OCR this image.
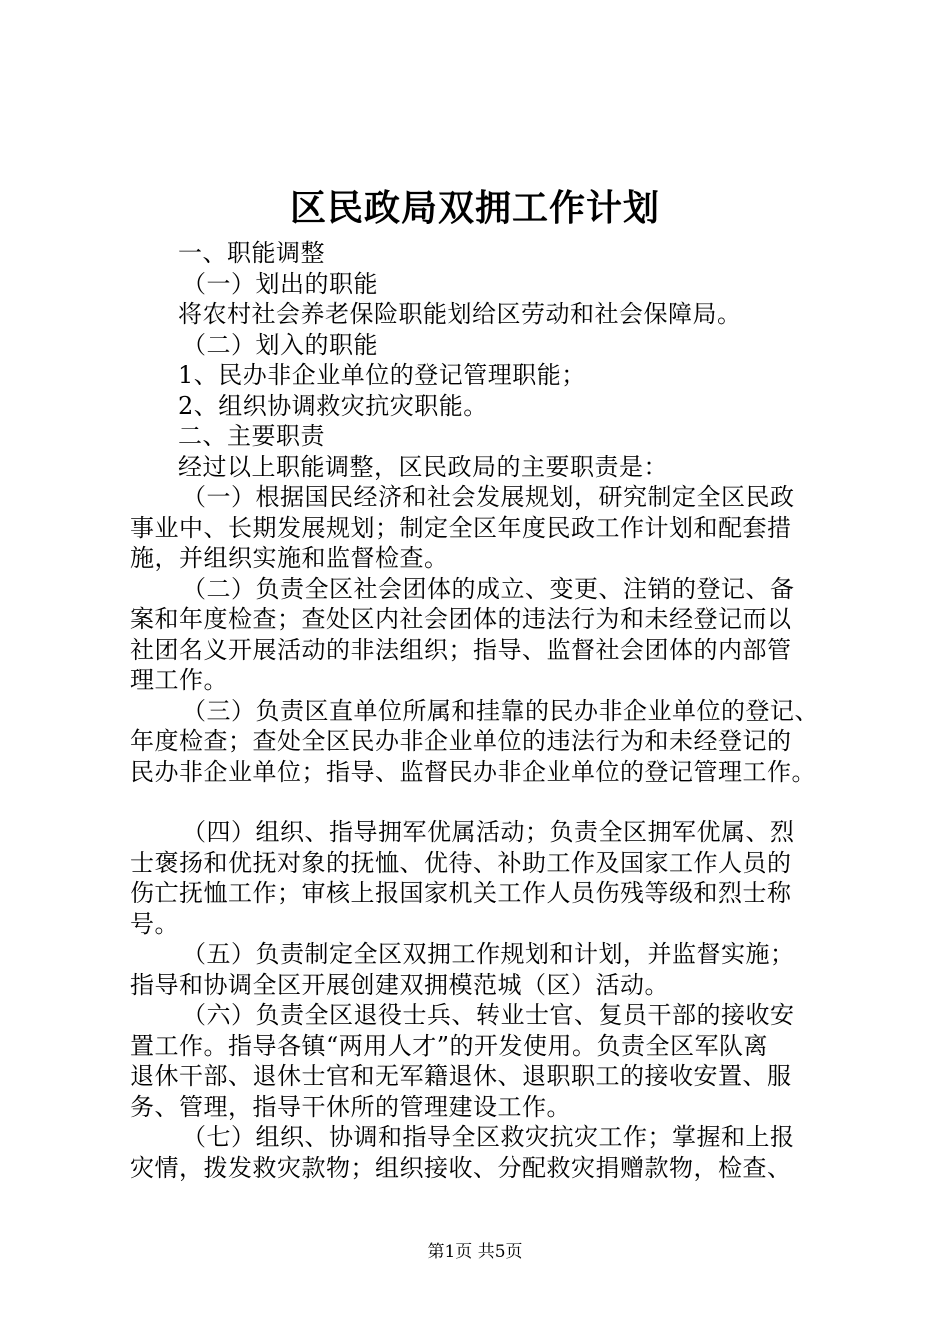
区民政局双拥工作计划

一、职能调整

（一）划出的职能

将农村社会养老保险职能划给区劳动和社会保障局。

（二）划入的职能

1、民办非企业单位的登记管理职能；

2、组织协调救灾抗灾职能。

二、主要职责

经过以上职能调整，区民政局的主要职责是：

（一）根据国民经济和社会发展规划，研究制定全区民政

事业中、长期发展规划；制定全区年度民政工作计划和配套措

施，并组织实施和监督检查。

（二）负责全区社会团体的成立、变更、注销的登记、备

案和年度检查；查处区内社会团体的违法行为和未经登记而以

社团名义开展活动的非法组织；指导、监督社会团体的内部管

理工作。

（三）负责区直单位所属和挂靠的民办非企业单位的登记、

年度检查；查处全区民办非企业单位的违法行为和未经登记的

民办非企业单位；指导、监督民办非企业单位的登记管理工作。

（四）组织、指导拥军优属活动；负责全区拥军优属、烈

士褒扬和优抚对象的抚恤、优待、补助工作及国家工作人员的

伤亡抚恤工作；审核上报国家机关工作人员伤残等级和烈士称

号。

（五）负责制定全区双拥工作规划和计划，并监督实施；

指导和协调全区开展创建双拥模范城（区）活动。

（六）负责全区退役士兵、转业士官、复员干部的接收安

置工作。指导各镇“两用人才”的开发使用。负责全区军队离

退休干部、退休士官和无军籍退休、退职职工的接收安置、服

务、管理，指导干休所的管理建设工作。

（七）组织、协调和指导全区救灾抗灾工作；掌握和上报

灾情，拨发救灾款物；组织接收、分配救灾捐赠款物，检查、

第1页 共5页
